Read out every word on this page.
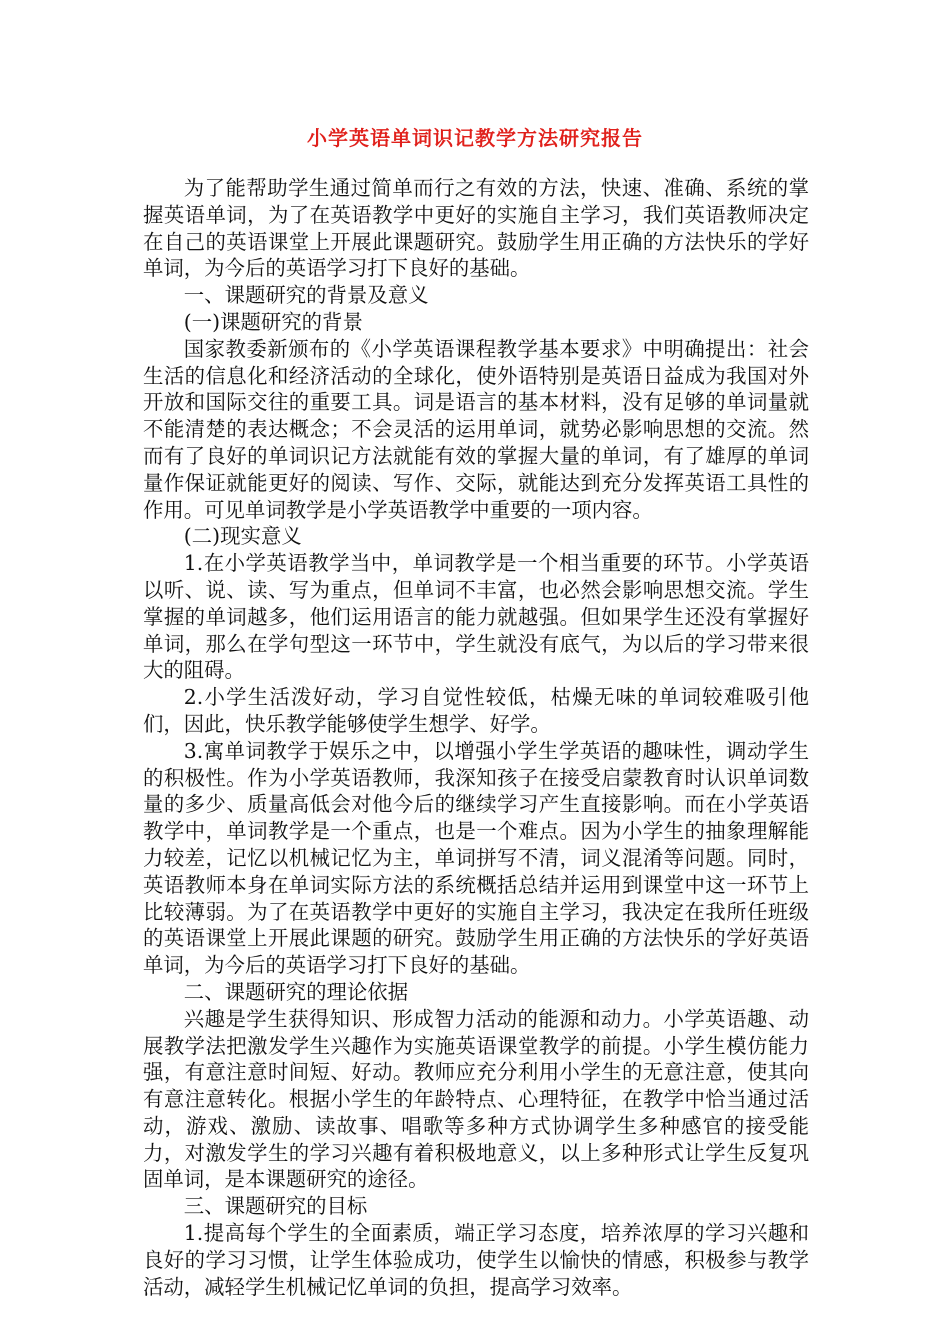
小学英语单词识记教学方法研究报告

为了能帮助学生通过简单而行之有效的方法，快速、准确、系统的掌握英语单词，为了在英语教学中更好的实施自主学习，我们英语教师决定在自己的英语课堂上开展此课题研究。鼓励学生用正确的方法快乐的学好单词，为今后的英语学习打下良好的基础。

一、课题研究的背景及意义

(一)课题研究的背景

国家教委新颁布的《小学英语课程教学基本要求》中明确提出：社会生活的信息化和经济活动的全球化，使外语特别是英语日益成为我国对外开放和国际交往的重要工具。词是语言的基本材料，没有足够的单词量就不能清楚的表达概念；不会灵活的运用单词，就势必影响思想的交流。然而有了良好的单词识记方法就能有效的掌握大量的单词，有了雄厚的单词量作保证就能更好的阅读、写作、交际，就能达到充分发挥英语工具性的作用。可见单词教学是小学英语教学中重要的一项内容。

(二)现实意义

1.在小学英语教学当中，单词教学是一个相当重要的环节。小学英语以听、说、读、写为重点，但单词不丰富，也必然会影响思想交流。学生掌握的单词越多，他们运用语言的能力就越强。但如果学生还没有掌握好单词，那么在学句型这一环节中，学生就没有底气，为以后的学习带来很大的阻碍。

2.小学生活泼好动，学习自觉性较低，枯燥无味的单词较难吸引他们，因此，快乐教学能够使学生想学、好学。

3.寓单词教学于娱乐之中，以增强小学生学英语的趣味性，调动学生的积极性。作为小学英语教师，我深知孩子在接受启蒙教育时认识单词数量的多少、质量高低会对他今后的继续学习产生直接影响。而在小学英语教学中，单词教学是一个重点，也是一个难点。因为小学生的抽象理解能力较差，记忆以机械记忆为主，单词拼写不清，词义混淆等问题。同时，英语教师本身在单词实际方法的系统概括总结并运用到课堂中这一环节上比较薄弱。为了在英语教学中更好的实施自主学习，我决定在我所任班级的英语课堂上开展此课题的研究。鼓励学生用正确的方法快乐的学好英语单词，为今后的英语学习打下良好的基础。

二、课题研究的理论依据

兴趣是学生获得知识、形成智力活动的能源和动力。小学英语趣、动展教学法把激发学生兴趣作为实施英语课堂教学的前提。小学生模仿能力强，有意注意时间短、好动。教师应充分利用小学生的无意注意，使其向有意注意转化。根据小学生的年龄特点、心理特征，在教学中恰当通过活动，游戏、激励、读故事、唱歌等多种方式协调学生多种感官的接受能力，对激发学生的学习兴趣有着积极地意义，以上多种形式让学生反复巩固单词，是本课题研究的途径。

三、课题研究的目标

1.提高每个学生的全面素质，端正学习态度，培养浓厚的学习兴趣和良好的学习习惯，让学生体验成功，使学生以愉快的情感，积极参与教学活动，减轻学生机械记忆单词的负担，提高学习效率。
